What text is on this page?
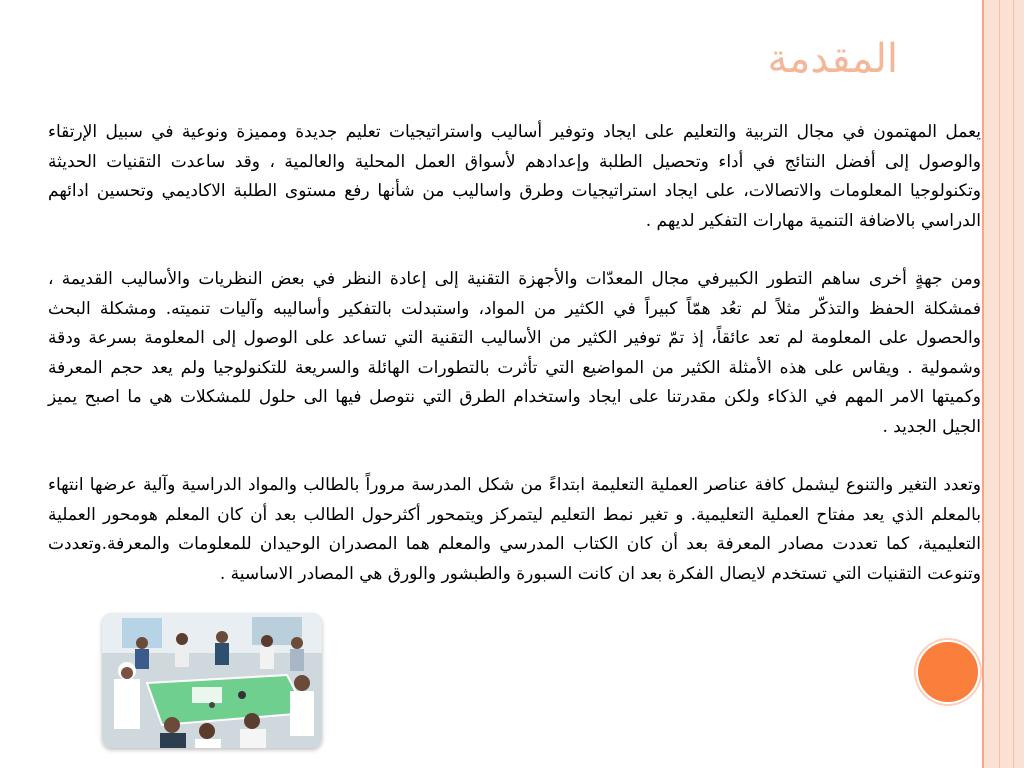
المقدمة

يعمل المهتمون في مجال التربية والتعليم على ايجاد وتوفير أساليب واستراتيجيات تعليم جديدة ومميزة ونوعية في سبيل الإرتقاء والوصول إلى أفضل النتائج في أداء وتحصيل الطلبة وإعدادهم لأسواق العمل المحلية والعالمية ، وقد ساعدت التقنيات الحديثة وتكنولوجيا المعلومات والاتصالات، على ايجاد استراتيجيات وطرق واساليب من شأنها رفع مستوى الطلبة الاكاديمي وتحسين ادائهم الدراسي بالاضافة التنمية مهارات التفكير لديهم .

ومن جهةٍ أخرى ساهم التطور الكبيرفي مجال المعدّات والأجهزة التقنية إلى إعادة النظر في بعض النظريات والأساليب القديمة ، فمشكلة الحفظ والتذكّر مثلاً لم تعُد همّاً كبيراً في الكثير من المواد، واستبدلت بالتفكير وأساليبه وآليات تنميته. ومشكلة البحث والحصول على المعلومة لم تعد عائقاً، إذ تمّ توفير الكثير من الأساليب التقنية التي تساعد على الوصول إلى المعلومة بسرعة ودقة وشمولية . ويقاس على هذه الأمثلة الكثير من المواضيع التي تأثرت بالتطورات الهائلة والسريعة للتكنولوجيا ولم يعد حجم المعرفة وكميتها الامر المهم في الذكاء ولكن مقدرتنا على ايجاد واستخدام الطرق التي نتوصل فيها الى حلول للمشكلات هي ما اصبح يميز الجيل الجديد .

وتعدد التغير والتنوع ليشمل كافة عناصر العملية التعليمة ابتداءً من شكل المدرسة مروراً بالطالب والمواد الدراسية وآلية عرضها انتهاء بالمعلم الذي يعد مفتاح العملية التعليمية. و تغير نمط التعليم ليتمركز ويتمحور أكثرحول الطالب بعد أن كان المعلم هومحور العملية التعليمية، كما تعددت مصادر المعرفة بعد أن كان الكتاب المدرسي والمعلم هما المصدران الوحيدان للمعلومات والمعرفة.وتعددت وتنوعت التقنيات التي تستخدم لايصال الفكرة بعد ان كانت السبورة والطبشور والورق هي المصادر الاساسية .
